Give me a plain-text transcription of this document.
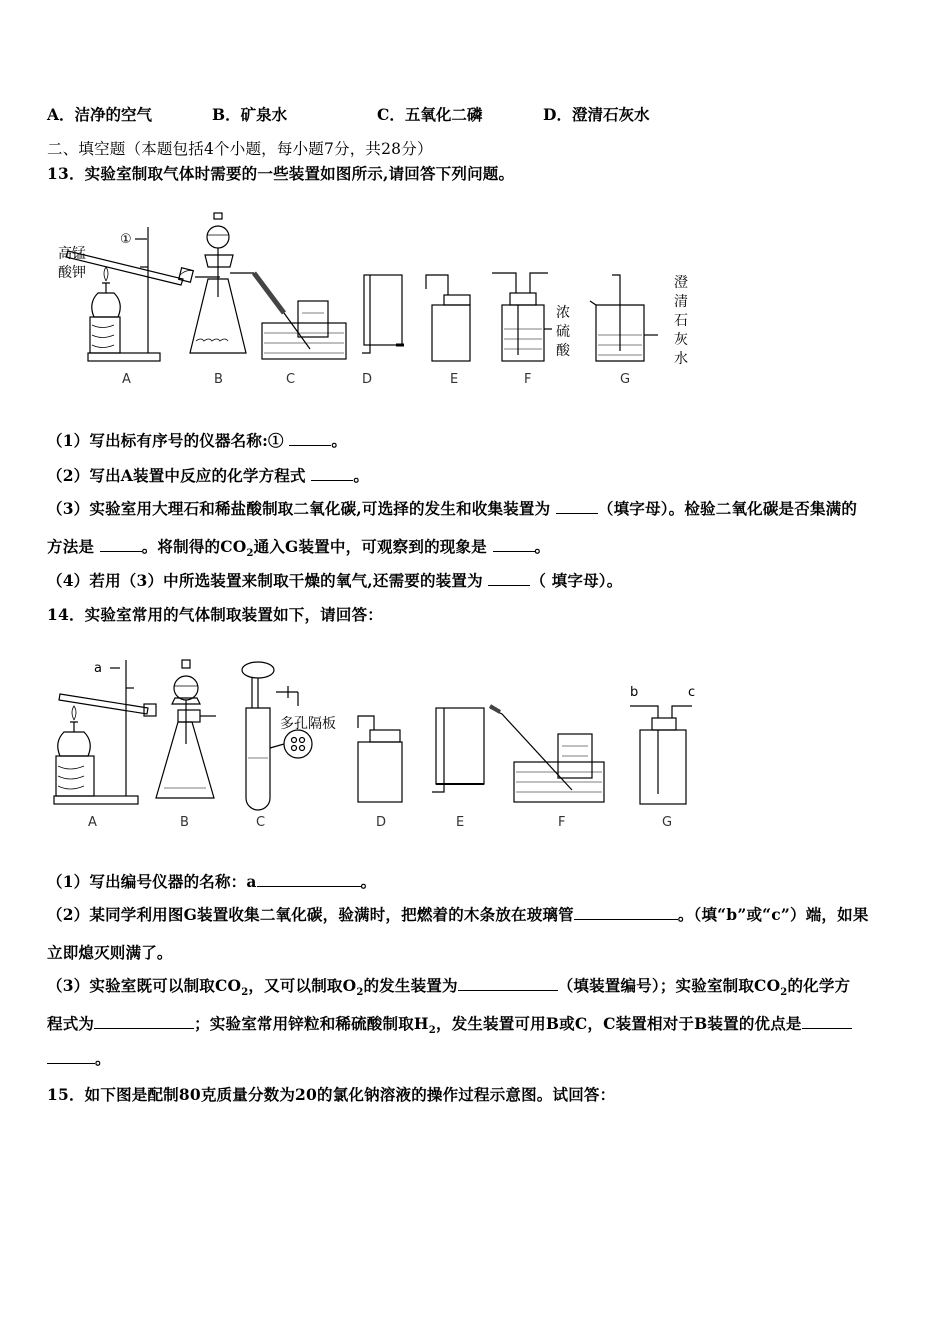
A．洁净的空气	B．矿泉水	C．五氧化二磷	D．澄清石灰水
二、填空题（本题包括4个小题，每小题7分，共28分）
13．实验室制取气体时需要的一些装置如图所示,请回答下列问题。
①
高锰
酸钾
浓
硫
酸
澄
清
石
灰
水
A	B	C	D	E	F	G
（1）写出标有序号的仪器名称:①	。
（2）写出A装置中反应的化学方程式	。
（3）实验室用大理石和稀盐酸制取二氧化碳,可选择的发生和收集装置为	（填字母）。检验二氧化碳是否集满的
方法是	。将制得的$CO_2$通入G装置中，可观察到的现象是	。
（4）若用（3）中所选装置来制取干燥的氧气,还需要的装置为	（ 填字母）。
14．实验室常用的气体制取装置如下，请回答：
a
多孔隔板
b	c
A	B	C	D	E	F	G
（1）写出编号仪器的名称：a	。
（2）某同学利用图G装置收集二氧化碳，验满时，把燃着的木条放在玻璃管	。（填“b”或“c”）端，如果
立即熄灭则满了。
（3）实验室既可以制取$CO_2$，又可以制取$O_2$的发生装置为	（填装置编号）；实验室制取$CO_2$的化学方
程式为	；实验室常用锌粒和稀硫酸制取$H_2$，发生装置可用B或C，C装置相对于B装置的优点是
。
15．如下图是配制80克质量分数为20的氯化钠溶液的操作过程示意图。试回答：
